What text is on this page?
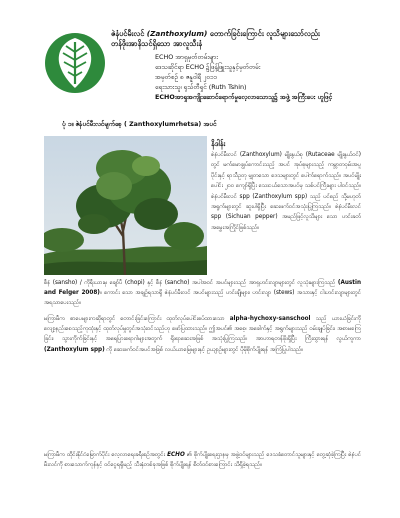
ဇဲနံပင်မီးလင် (Zanthoxylum) တောက်ခြင်းကြောင်း လူသိများသော်လည်း
တန်ဖိုးအာနိသင်ရှိသော အာလူသီးနံ
ECHO အာရှမှတ်တမ်းများ
ဒေသဆိုင်ရာ ECHO ၌ဖြန့်ဖြူးသူနှင့်မှတ်တမ်း
အမှတ်စဉ် ၈ ဇန္နဝါရီ ၂၀၁၁
ရေးသားသူ၊ ရုသ်တီရှင် (Ruth Tshin)
ECHOအာရှအကျိုးဆောင်ရောက်မှုလေ့လာသောသူ၌ အဖွဲ့ အကြီးပေး ဟူဖြင့်
ပုံ ၁။ ဇဲနံပင်မီးလင်မျက်စေ့ ( Zanthoxylumrhetsa) အပင်
နိဒါန်း

ဇဲနံပင်မီးလင် (Zanthoxylum) မျိုးနွယ်စု (Rutaceae မျိုးနွယ်ဝင်) တွင် မက်မောချွပ်ကောင်းသည့် အပင် အုပ်စုများသည့် ကမ္ဘာတဝှမ်းအပူပိုင်းနှင့် ရာသီဥတု မျှတသော ဒေသများတွင် ပေါက်ရောက်သည်။ အပင်မျိုးပေါင်း ၂၀၀ ကျော်ရှိပြီး သေးငယ်သောအပင်မှ သစ်ပင်ကြီးများ ပါဝင်သည်။ ဇဲနံပင်မီးလင် spp (Zanthoxylum spp) သည် ပင်စည် သို့မဟုတ် အရွက်များတွင် ဆူးပါရှိပြီး ဆေးဖက်ဝင်အသုံးပြုကြသည်။ ဇဲနံပင်မီးလင် spp (Sichuan pepper) အမည်ဖြင့်လူသိများ သော ဟင်းခတ်အမွှေးအကြိုင်ဖြစ်သည်။

စီနံ (sansho) / ကိုရီးယားမှ ချော်ပီ (chopi) နှင့် စီနံ (sancho) အပါအဝင် အပင်များသည် အာရှဟင်းလျာများတွင် လူသုံးများကြသည် (Austin and Felger 2008)။ ကောင်း သော အချဉ်ရသာရှိ ဇဲနံပင်မီးလင် အပင်များသည် ဟင်းချိုများ၊ ဟင်းလျာ (stews) အသားနှင့် ငါးဟင်းလျာများတွင် အရသာပေးသည်။
မကြာမီက စာပေများကဆိုရာတွင် တောင်းခြင်းကြောင်း ထုတ်လုပ်ပေါင်းစပ်ထားသော alpha-hychoxy-sanschool သည် ယားယံခြင်းကို လျော့နည်းစေသည့်ကုထုံးနှင့် ထုတ်လုပ်မှုတွင်အသုံးဝင်သည်ဟု ဖော်ပြထားသည်။ ဤအပင်၏ အစေ့၊ အခေါက်နှင့် အရွက်များသည် ဝမ်းချုပ်ခြင်း၊ အစာမကြေခြင်း၊ သွားကိုက်ခြင်းနှင့် အရေပြားရောဂါများအတွက် ရိုးရာဆေးအဖြစ် အသုံးပြုကြသည်။ အာဟာရတန်ဖိုးရှိပြီး ကြီးထွားရန် လွယ်ကူကာ (Zanthoxylum spp) ကို ဆေးဖက်ဝင်အပင်အဖြစ် လယ်ယာမြေများနှင့် ဥယျာဉ်များတွင် ပိုမိုစိုက်ပျိုးရန် အကြံပြုပါသည်။
မကြာမီက ထိုင်းနိုင်ငံမြောက်ပိုင်း လေ့လာရေးခရီးစဉ်အတွင်း ECHO ၏ စိုက်ပျိုးရေးဌာနမှ အဖွဲ့ဝင်များသည် ဒေသခံတောင်သူများနှင့် တွေ့ဆုံခဲ့ကြပြီး ဇဲနံပင်မီးလင်ကို စားသောက်ကုန်နှင့် ဝင်ငွေရရှိမည့် သီးနှံတစ်ခုအဖြစ် စိုက်ပျိုးရန် စိတ်ဝင်စားကြောင်း သိရှိခဲ့ရသည်။
